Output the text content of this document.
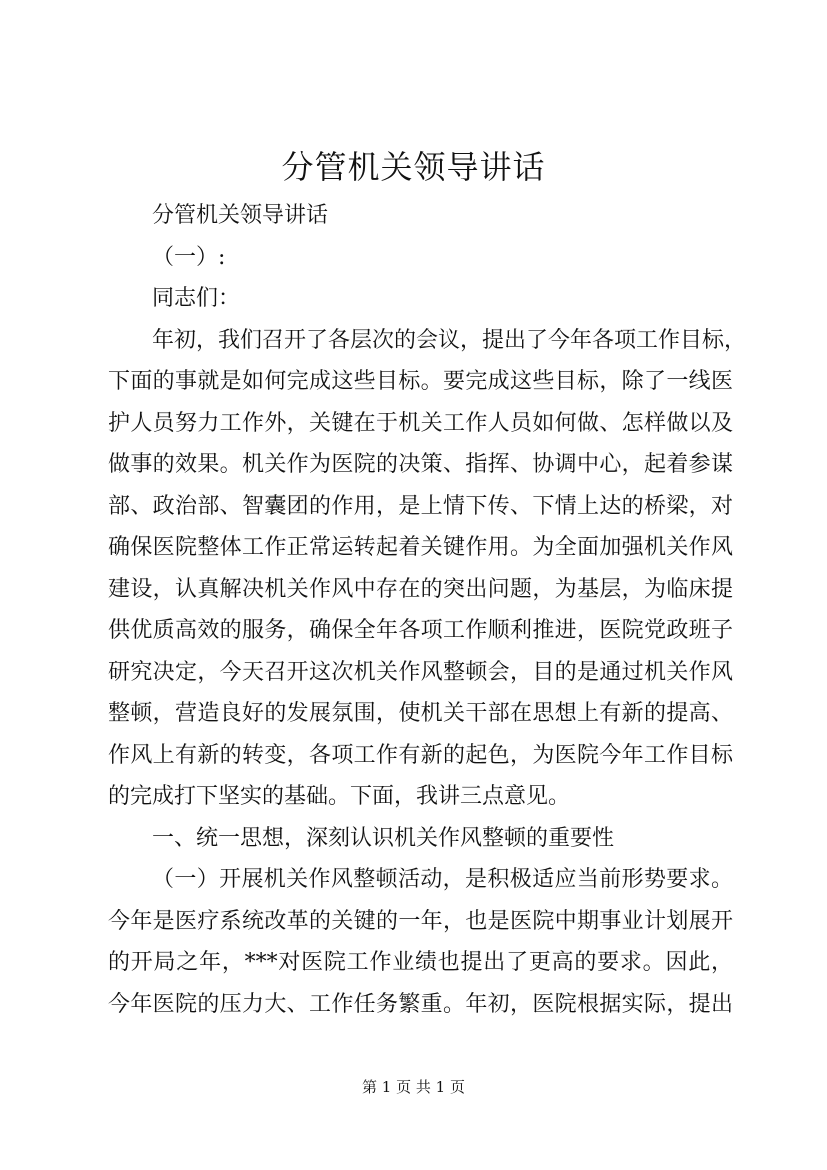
分管机关领导讲话
分管机关领导讲话
（一）:
同志们：
年初，我们召开了各层次的会议，提出了今年各项工作目标，
下面的事就是如何完成这些目标。要完成这些目标，除了一线医
护人员努力工作外，关键在于机关工作人员如何做、怎样做以及
做事的效果。机关作为医院的决策、指挥、协调中心，起着参谋
部、政治部、智囊团的作用，是上情下传、下情上达的桥梁，对
确保医院整体工作正常运转起着关键作用。为全面加强机关作风
建设，认真解决机关作风中存在的突出问题，为基层，为临床提
供优质高效的服务，确保全年各项工作顺利推进，医院党政班子
研究决定，今天召开这次机关作风整顿会，目的是通过机关作风
整顿，营造良好的发展氛围，使机关干部在思想上有新的提高、
作风上有新的转变，各项工作有新的起色，为医院今年工作目标
的完成打下坚实的基础。下面，我讲三点意见。
一、统一思想，深刻认识机关作风整顿的重要性
（一）开展机关作风整顿活动，是积极适应当前形势要求。
今年是医疗系统改革的关键的一年，也是医院中期事业计划展开
的开局之年，***对医院工作业绩也提出了更高的要求。因此，
今年医院的压力大、工作任务繁重。年初，医院根据实际，提出
第 1 页 共 1 页
